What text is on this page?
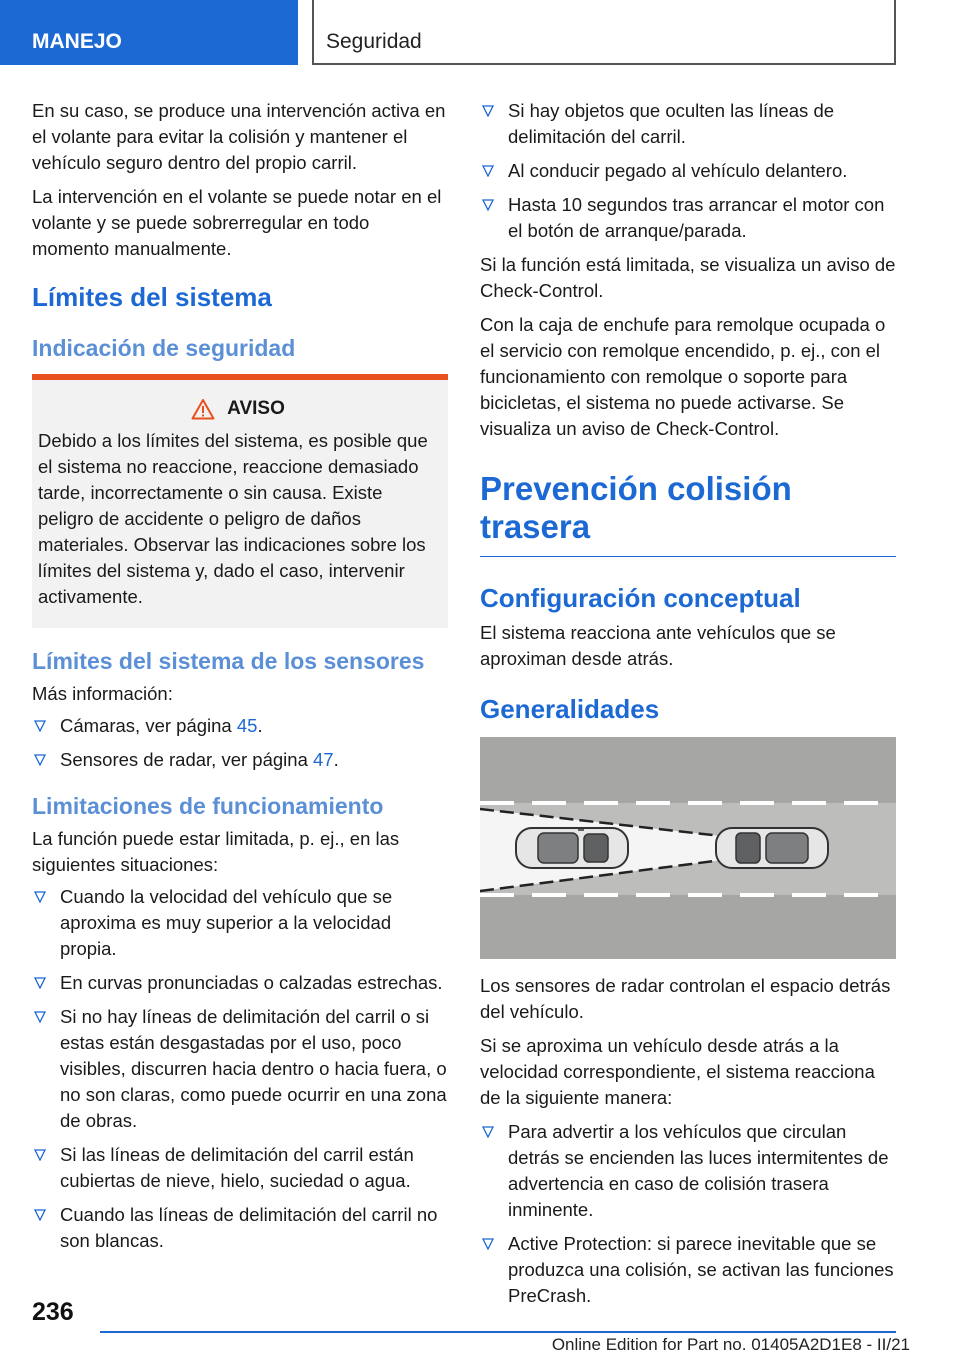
MANEJO	Seguridad

En su caso, se produce una intervención activa en el volante para evitar la colisión y mantener el vehículo seguro dentro del propio carril.

La intervención en el volante se puede notar en el volante y se puede sobrerregular en todo momento manualmente.

Límites del sistema
Indicación de seguridad
AVISO

Debido a los límites del sistema, es posible que el sistema no reaccione, reaccione demasiado tarde, incorrectamente o sin causa. Existe peligro de accidente o peligro de daños materiales. Observar las indicaciones sobre los límites del sistema y, dado el caso, intervenir activamente.

Límites del sistema de los sensores

Más información:

Cámaras, ver página 45.
Sensores de radar, ver página 47.
Limitaciones de funcionamiento

La función puede estar limitada, p. ej., en las siguientes situaciones:

Cuando la velocidad del vehículo que se aproxima es muy superior a la velocidad propia.
En curvas pronunciadas o calzadas estrechas.
Si no hay líneas de delimitación del carril o si estas están desgastadas por el uso, poco visibles, discurren hacia dentro o hacia fuera, o no son claras, como puede ocurrir en una zona de obras.
Si las líneas de delimitación del carril están cubiertas de nieve, hielo, suciedad o agua.
Cuando las líneas de delimitación del carril no son blancas.
Si hay objetos que oculten las líneas de delimitación del carril.
Al conducir pegado al vehículo delantero.
Hasta 10 segundos tras arrancar el motor con el botón de arranque/parada.

Si la función está limitada, se visualiza un aviso de Check-Control.

Con la caja de enchufe para remolque ocupada o el servicio con remolque encendido, p. ej., con el funcionamiento con remolque o soporte para bicicletas, el sistema no puede activarse. Se visualiza un aviso de Check-Control.

Prevención colisión trasera
Configuración conceptual

El sistema reacciona ante vehículos que se aproximan desde atrás.

Generalidades

Los sensores de radar controlan el espacio detrás del vehículo.

Si se aproxima un vehículo desde atrás a la velocidad correspondiente, el sistema reacciona de la siguiente manera:

Para advertir a los vehículos que circulan detrás se encienden las luces intermitentes de advertencia en caso de colisión trasera inminente.
Active Protection: si parece inevitable que se produzca una colisión, se activan las funciones PreCrash.
236
Online Edition for Part no. 01405A2D1E8 - II/21
